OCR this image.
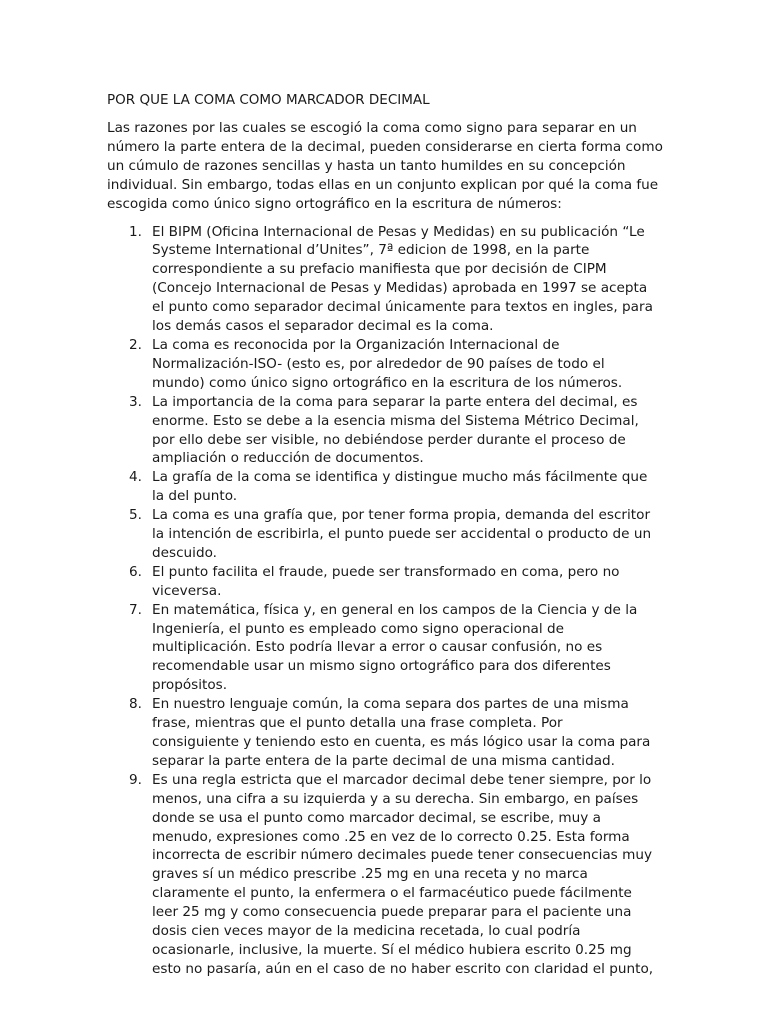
POR QUE LA COMA COMO MARCADOR DECIMAL

Las razones por las cuales se escogió la coma como signo para separar en un número la parte entera de la decimal, pueden considerarse en cierta forma como un cúmulo de razones sencillas y hasta un tanto humildes en su concepción individual. Sin embargo, todas ellas en un conjunto explican por qué la coma fue escogida como único signo ortográfico en la escritura de números:

1. El BIPM (Oficina Internacional de Pesas y Medidas) en su publicación “Le
Systeme International d’Unites”, 7ª edicion de 1998, en la parte
correspondiente a su prefacio manifiesta que por decisión de CIPM
(Concejo Internacional de Pesas y Medidas) aprobada en 1997 se acepta
el punto como separador decimal únicamente para textos en ingles, para
los demás casos el separador decimal es la coma.
2. La coma es reconocida por la Organización Internacional de
Normalización-ISO- (esto es, por alrededor de 90 países de todo el
mundo) como único signo ortográfico en la escritura de los números.
3. La importancia de la coma para separar la parte entera del decimal, es
enorme. Esto se debe a la esencia misma del Sistema Métrico Decimal,
por ello debe ser visible, no debiéndose perder durante el proceso de
ampliación o reducción de documentos.
4. La grafía de la coma se identifica y distingue mucho más fácilmente que
la del punto.
5. La coma es una grafía que, por tener forma propia, demanda del escritor
la intención de escribirla, el punto puede ser accidental o producto de un
descuido.
6. El punto facilita el fraude, puede ser transformado en coma, pero no
viceversa.
7. En matemática, física y, en general en los campos de la Ciencia y de la
Ingeniería, el punto es empleado como signo operacional de
multiplicación. Esto podría llevar a error o causar confusión, no es
recomendable usar un mismo signo ortográfico para dos diferentes
propósitos.
8. En nuestro lenguaje común, la coma separa dos partes de una misma
frase, mientras que el punto detalla una frase completa. Por
consiguiente y teniendo esto en cuenta, es más lógico usar la coma para
separar la parte entera de la parte decimal de una misma cantidad.
9. Es una regla estricta que el marcador decimal debe tener siempre, por lo
menos, una cifra a su izquierda y a su derecha. Sin embargo, en países
donde se usa el punto como marcador decimal, se escribe, muy a
menudo, expresiones como .25 en vez de lo correcto 0.25. Esta forma
incorrecta de escribir número decimales puede tener consecuencias muy
graves sí un médico prescribe .25 mg en una receta y no marca
claramente el punto, la enfermera o el farmacéutico puede fácilmente
leer 25 mg y como consecuencia puede preparar para el paciente una
dosis cien veces mayor de la medicina recetada, lo cual podría
ocasionarle, inclusive, la muerte. Sí el médico hubiera escrito 0.25 mg
esto no pasaría, aún en el caso de no haber escrito con claridad el punto,
